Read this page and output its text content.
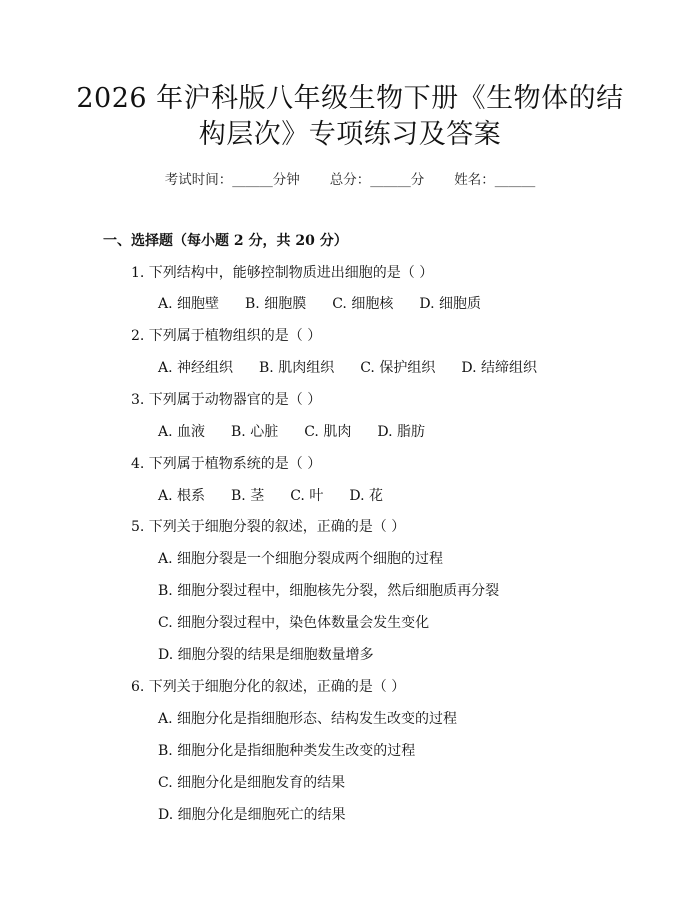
2026 年沪科版八年级生物下册《生物体的结
构层次》专项练习及答案
考试时间：______分钟 总分：______分 姓名：______
一、选择题（每小题 2 分，共 20 分）
1. 下列结构中，能够控制物质进出细胞的是（ ）
A. 细胞壁 B. 细胞膜 C. 细胞核 D. 细胞质
2. 下列属于植物组织的是（ ）
A. 神经组织 B. 肌肉组织 C. 保护组织 D. 结缔组织
3. 下列属于动物器官的是（ ）
A. 血液 B. 心脏 C. 肌肉 D. 脂肪
4. 下列属于植物系统的是（ ）
A. 根系 B. 茎 C. 叶 D. 花
5. 下列关于细胞分裂的叙述，正确的是（ ）
A. 细胞分裂是一个细胞分裂成两个细胞的过程
B. 细胞分裂过程中，细胞核先分裂，然后细胞质再分裂
C. 细胞分裂过程中，染色体数量会发生变化
D. 细胞分裂的结果是细胞数量增多
6. 下列关于细胞分化的叙述，正确的是（ ）
A. 细胞分化是指细胞形态、结构发生改变的过程
B. 细胞分化是指细胞种类发生改变的过程
C. 细胞分化是细胞发育的结果
D. 细胞分化是细胞死亡的结果
